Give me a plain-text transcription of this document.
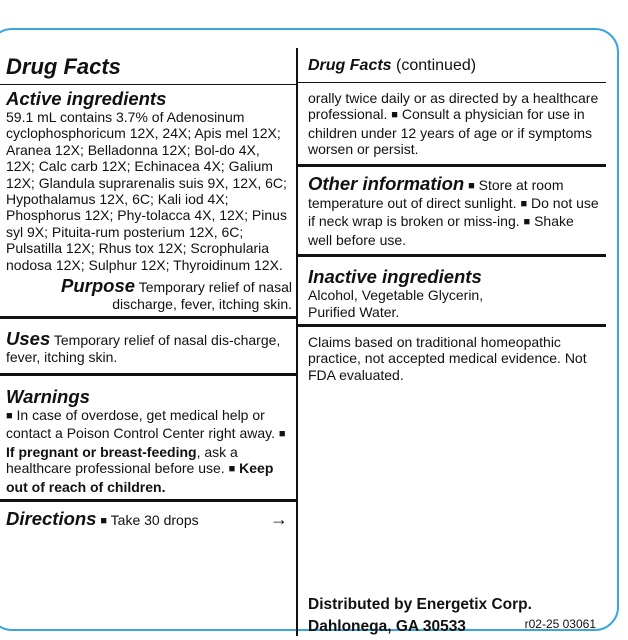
Drug Facts
Active ingredients
59.1 mL contains 3.7% of Adenosinum cyclophosphoricum 12X, 24X; Apis mel 12X; Aranea 12X; Belladonna 12X; Bol-do 4X, 12X; Calc carb 12X; Echinacea 4X; Galium 12X; Glandula suprarenalis suis 9X, 12X, 6C; Hypothalamus 12X, 6C; Kali iod 4X; Phosphorus 12X; Phy-tolacca 4X, 12X; Pinus syl 9X; Pituita-rum posterium 12X, 6C; Pulsatilla 12X; Rhus tox 12X; Scrophularia nodosa 12X; Sulphur 12X; Thyroidinum 12X.
Purpose Temporary relief of nasal discharge, fever, itching skin.
Uses Temporary relief of nasal dis-charge, fever, itching skin.
Warnings
■ In case of overdose, get medical help or contact a Poison Control Center right away. ■ If pregnant or breast-feeding, ask a healthcare professional before use. ■ Keep out of reach of children.
Directions ■ Take 30 drops	→
Drug Facts (continued)
orally twice daily or as directed by a healthcare professional. ■ Consult a physician for use in children under 12 years of age or if symptoms worsen or persist.
Other information ■ Store at room temperature out of direct sunlight. ■ Do not use if neck wrap is broken or miss-ing. ■ Shake well before use.
Inactive ingredients
Alcohol, Vegetable Glycerin, Purified Water.
Claims based on traditional homeopathic practice, not accepted medical evidence. Not FDA evaluated.
Distributed by Energetix Corp.
Dahlonega, GA 30533	r02-25 03061
